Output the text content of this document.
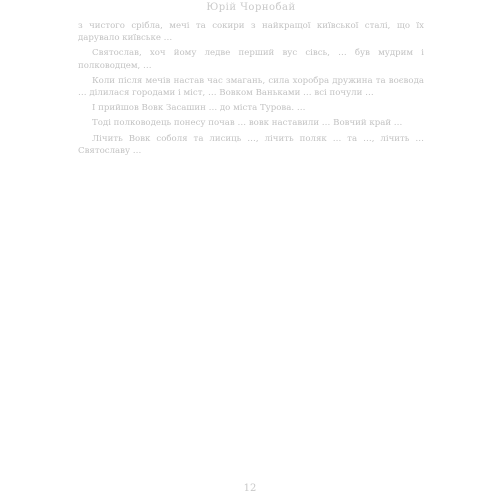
Юрій Чорнобай

з чистого срібла, мечі та сокири з найкращої київської сталі, що їх дарувало київське …

Святослав, хоч йому ледве перший вус сівсь, … був мудрим і полководцем, …

Коли після мечів настав час змагань, сила хоробра дружина та воєвода … ділилася городами і міст, … Вовком Ваньками … всі почули …

І прийшов Вовк Засашин … до міста Турова. …

Тоді полководець понесу почав … вовк наставили … Вовчий край …

Лічить Вовк соболя та лисиць …, лічить поляк … та …, лічить … Святославу …

12
